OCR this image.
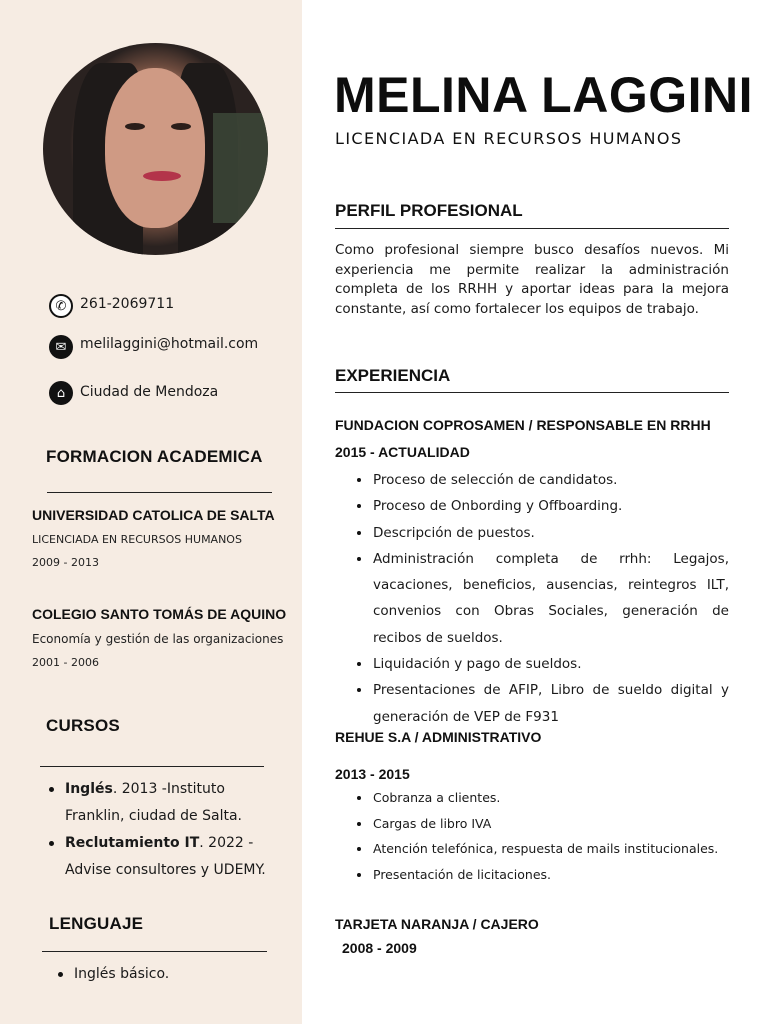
✆ 261-2069711
✉ melilaggini@hotmail.com
⌂	Ciudad de Mendoza
FORMACION ACADEMICA
UNIVERSIDAD CATOLICA DE SALTA
LICENCIADA EN RECURSOS HUMANOS
2009 - 2013
COLEGIO SANTO TOMÁS DE AQUINO
Economía y gestión de las organizaciones
2001 - 2006
CURSOS
Inglés. 2013 -Instituto Franklin, ciudad de Salta.
Reclutamiento IT. 2022 - Advise consultores y UDEMY.
LENGUAJE
Inglés básico.
MELINA LAGGINI
LICENCIADA EN RECURSOS HUMANOS
PERFIL PROFESIONAL
Como profesional siempre busco desafíos nuevos. Mi experiencia me permite realizar la administración completa de los RRHH y aportar ideas para la mejora constante, así como fortalecer los equipos de trabajo.
EXPERIENCIA
FUNDACION COPROSAMEN / RESPONSABLE EN RRHH
2015 - ACTUALIDAD
Proceso de selección de candidatos.
Proceso de Onbording y Offboarding.
Descripción de puestos.
Administración completa de rrhh: Legajos, vacaciones, beneficios, ausencias, reintegros ILT, convenios con Obras Sociales, generación de recibos de sueldos.
Liquidación y pago de sueldos.
Presentaciones de AFIP, Libro de sueldo digital y generación de VEP de F931
REHUE S.A / ADMINISTRATIVO
2013 - 2015
Cobranza a clientes.
Cargas de libro IVA
Atención telefónica, respuesta de mails institucionales.
Presentación de licitaciones.
TARJETA NARANJA / CAJERO
2008 - 2009
